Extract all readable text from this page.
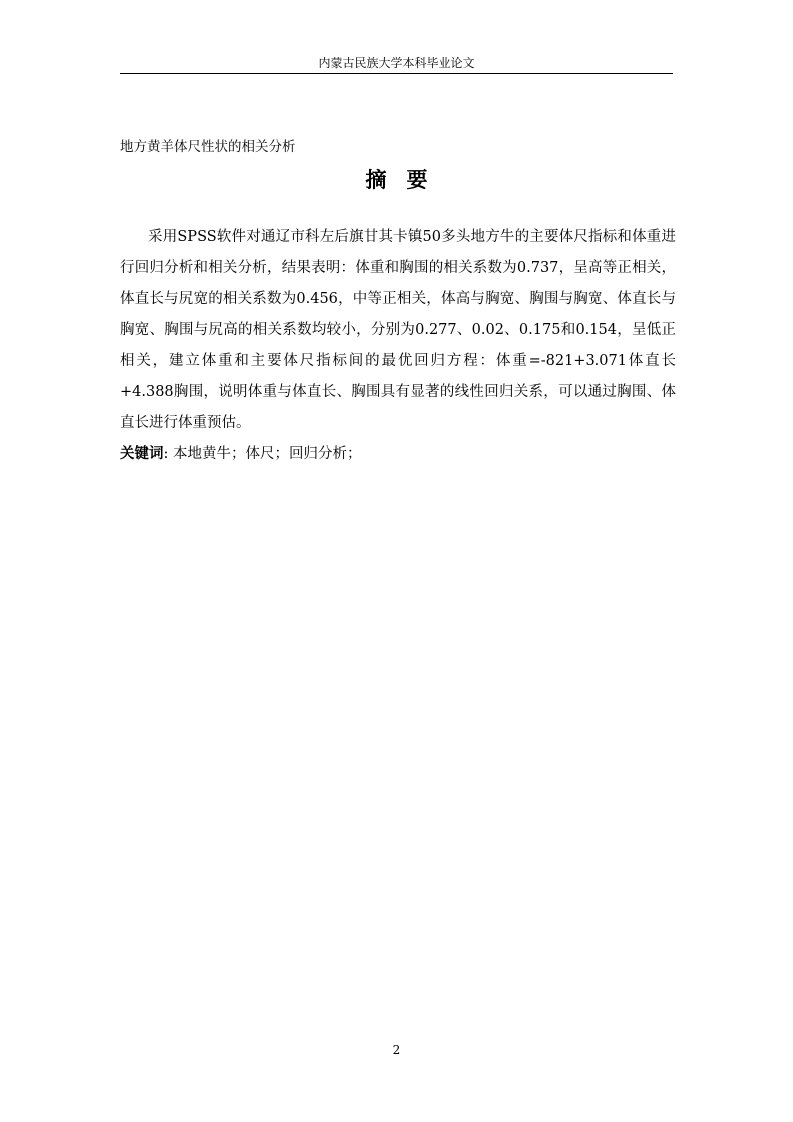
内蒙古民族大学本科毕业论文
地方黄羊体尺性状的相关分析
摘要

采用SPSS软件对通辽市科左后旗甘其卡镇50多头地方牛的主要体尺指标和体重进行回归分析和相关分析，结果表明：体重和胸围的相关系数为0.737，呈高等正相关，体直长与尻宽的相关系数为0.456，中等正相关，体高与胸宽、胸围与胸宽、体直长与胸宽、胸围与尻高的相关系数均较小，分别为0.277、0.02、0.175和0.154，呈低正相关，建立体重和主要体尺指标间的最优回归方程：体重=-821+3.071体直长+4.388胸围，说明体重与体直长、胸围具有显著的线性回归关系，可以通过胸围、体直长进行体重预估。

关键词: 本地黄牛；体尺；回归分析；
2
